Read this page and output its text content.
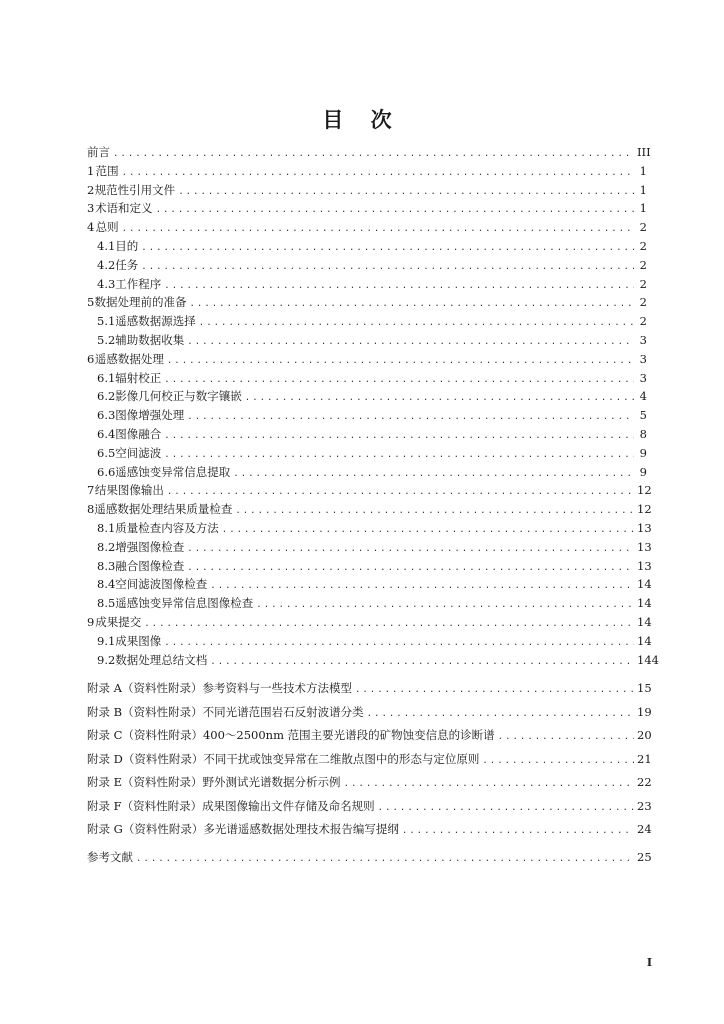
目 次
前言 .....	III
1 范围 .....	1
2 规范性引用文件 .....	1
3 术语和定义 .....	1
4 总则 .....	2
4.1 目的 .....	2
4.2 任务 .....	2
4.3 工作程序 .....	2
5 数据处理前的准备 .....	2
5.1 遥感数据源选择 .....	2
5.2 辅助数据收集 .....	3
6 遥感数据处理 .....	3
6.1 辐射校正 .....	3
6.2 影像几何校正与数字镶嵌 .....	4
6.3 图像增强处理 .....	5
6.4 图像融合 .....	8
6.5 空间滤波 .....	9
6.6 遥感蚀变异常信息提取 .....	9
7 结果图像输出 .....	12
8 遥感数据处理结果质量检查 .....	12
8.1 质量检查内容及方法 .....	13
8.2 增强图像检查 .....	13
8.3 融合图像检查 .....	13
8.4 空间滤波图像检查 .....	14
8.5 遥感蚀变异常信息图像检查 .....	14
9 成果提交 .....	14
9.1 成果图像 .....	14
9.2 数据处理总结文档 .....	144
附录 A（资料性附录） 参考资料与一些技术方法模型 .....	15
附录 B（资料性附录） 不同光谱范围岩石反射波谱分类 .....	19
附录 C（资料性附录） 400～2500nm 范围主要光谱段的矿物蚀变信息的诊断谱 .....	20
附录 D（资料性附录） 不同干扰或蚀变异常在二维散点图中的形态与定位原则 .....	21
附录 E（资料性附录） 野外测试光谱数据分析示例 .....	22
附录 F（资料性附录） 成果图像输出文件存储及命名规则 .....	23
附录 G（资料性附录） 多光谱遥感数据处理技术报告编写提纲 .....	24
参考文献 .....	25
I
